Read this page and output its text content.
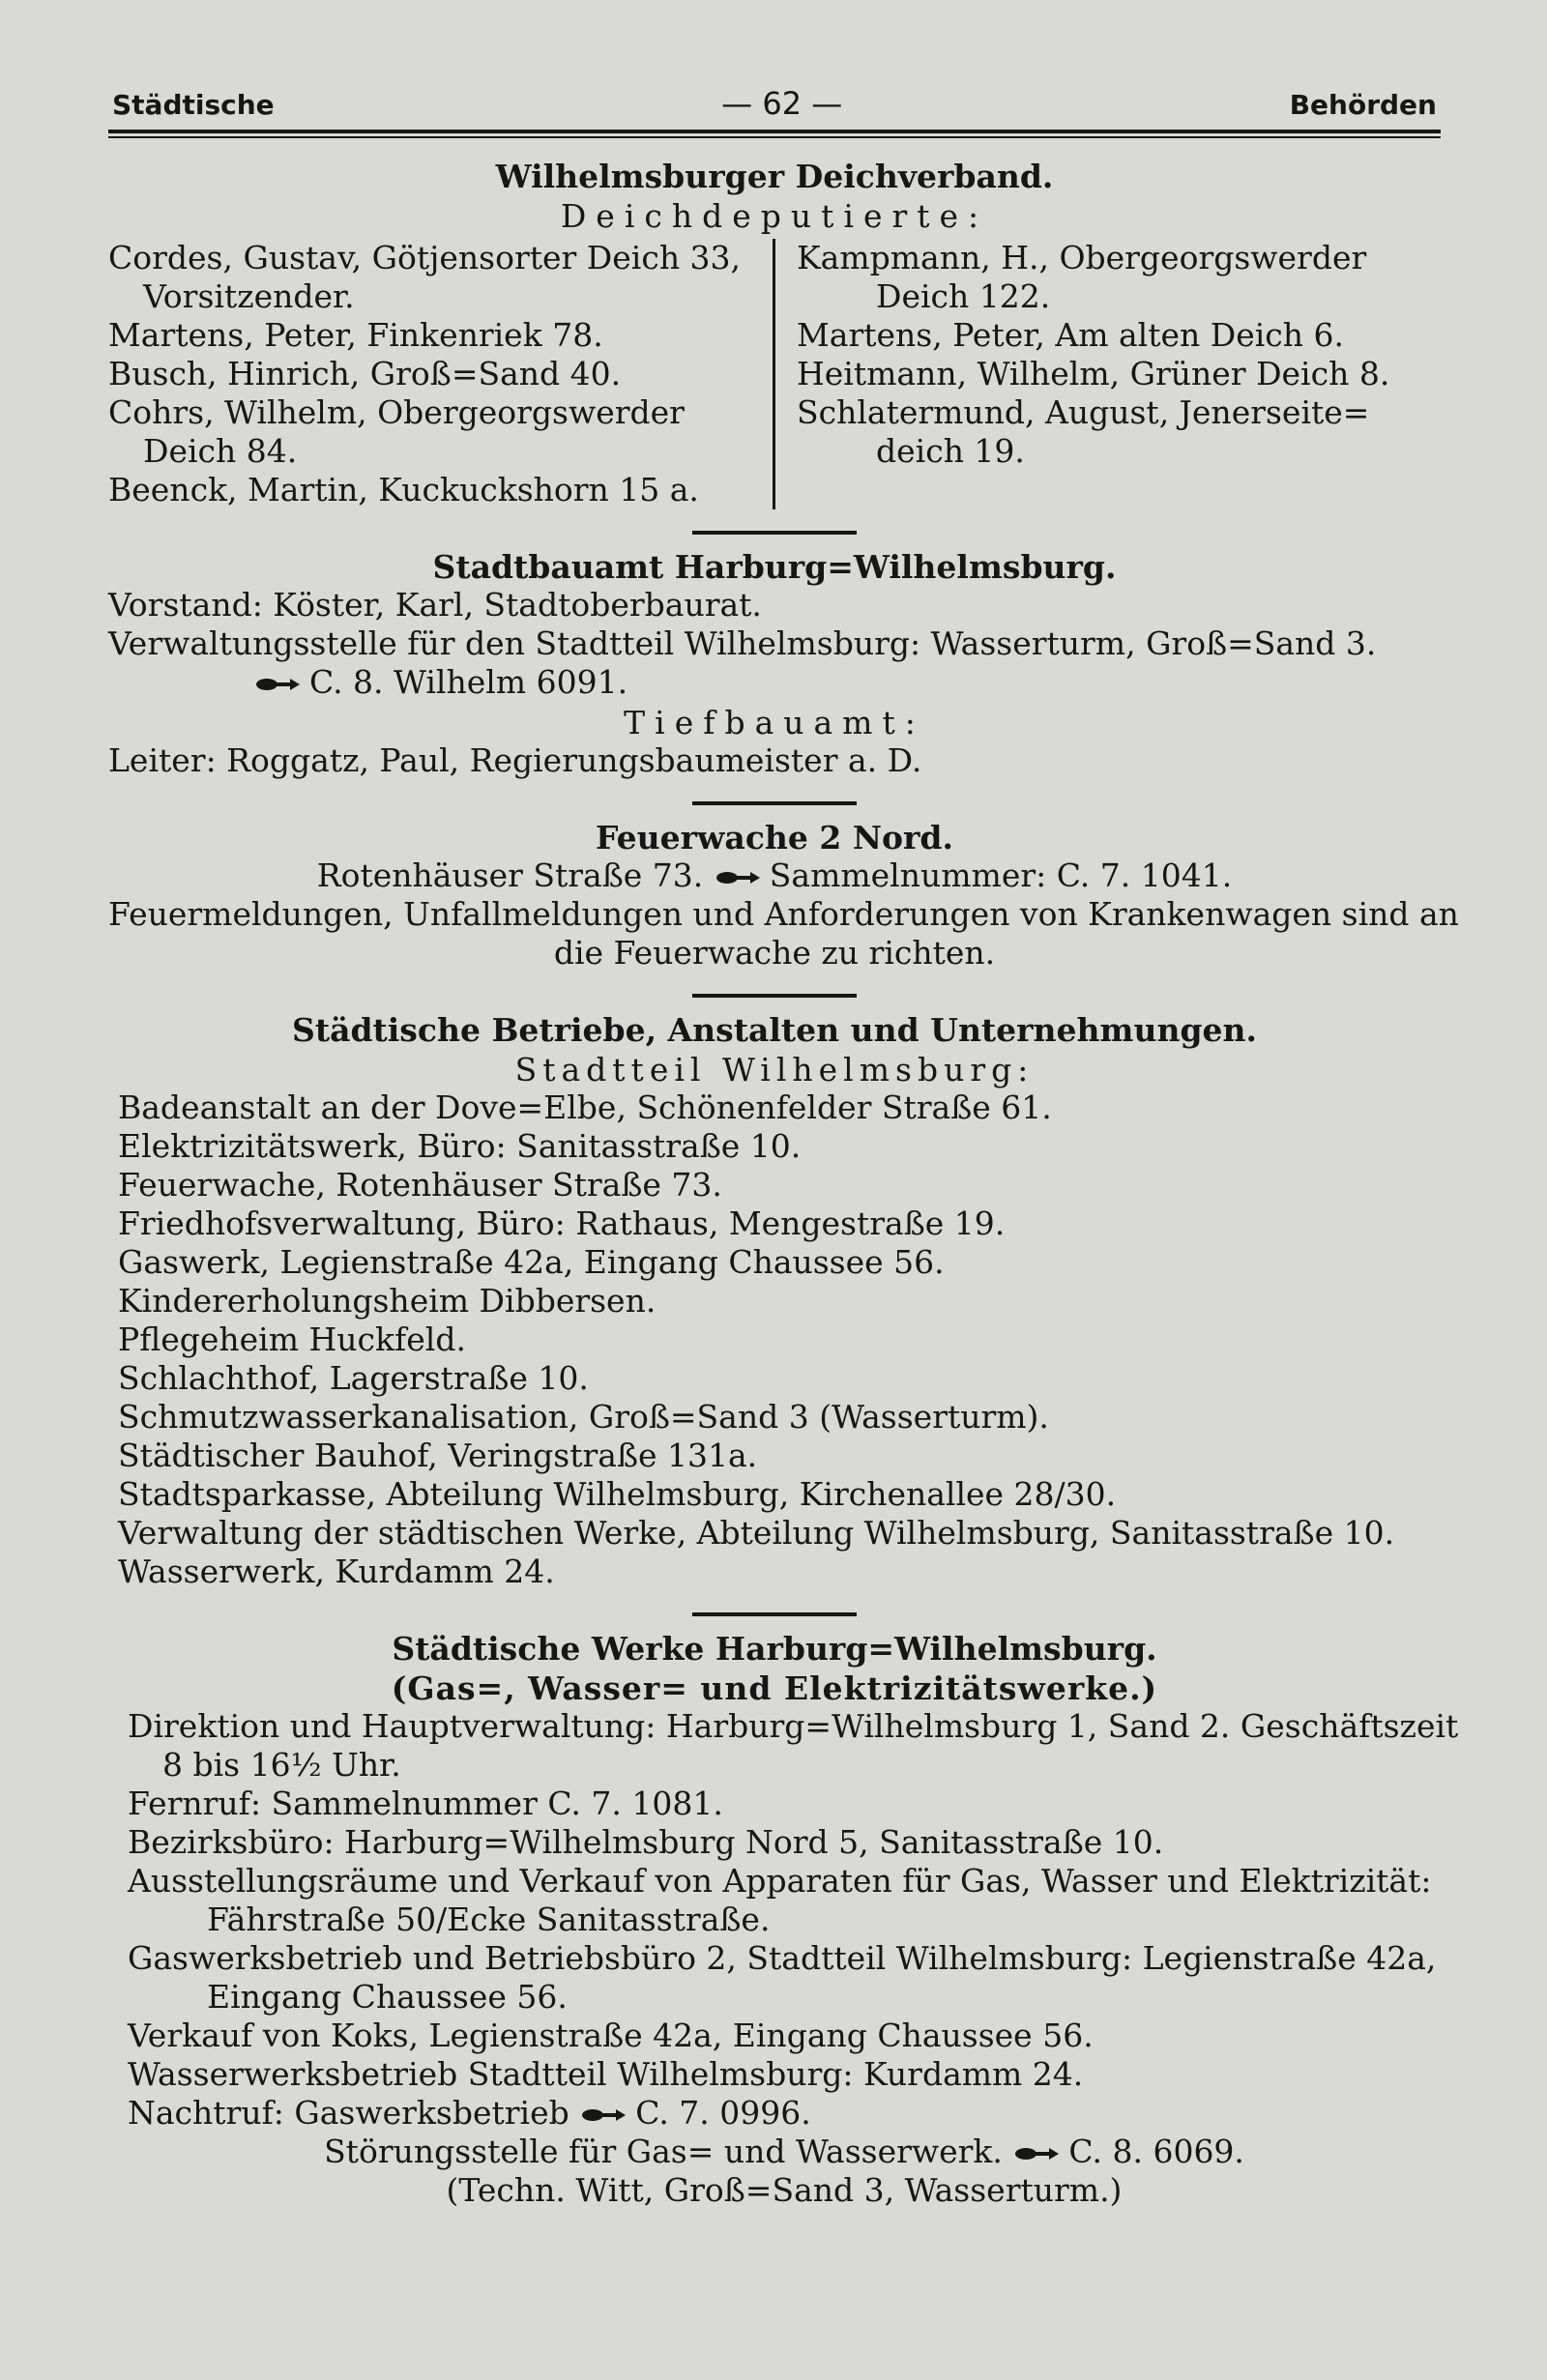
Städtische	— 62 —	Behörden
Wilhelmsburger Deichverband.
Deichdeputierte:
Cordes, Gustav, Götjensorter Deich 33,
Vorsitzender.
Martens, Peter, Finkenriek 78.
Busch, Hinrich, Groß=Sand 40.
Cohrs, Wilhelm, Obergeorgswerder
Deich 84.
Beenck, Martin, Kuckuckshorn 15 a.
Kampmann, H., Obergeorgswerder
Deich 122.
Martens, Peter, Am alten Deich 6.
Heitmann, Wilhelm, Grüner Deich 8.
Schlatermund, August, Jenerseite=
deich 19.
Stadtbauamt Harburg=Wilhelmsburg.
Vorstand: Köster, Karl, Stadtoberbaurat.
Verwaltungsstelle für den Stadtteil Wilhelmsburg: Wasserturm, Groß=Sand 3.
C. 8. Wilhelm 6091.
Tiefbauamt:
Leiter: Roggatz, Paul, Regierungsbaumeister a. D.
Feuerwache 2 Nord.
Rotenhäuser Straße 73. Sammelnummer: C. 7. 1041.
Feuermeldungen, Unfallmeldungen und Anforderungen von Krankenwagen sind an
die Feuerwache zu richten.
Städtische Betriebe, Anstalten und Unternehmungen.
Stadtteil Wilhelmsburg:
Badeanstalt an der Dove=Elbe, Schönenfelder Straße 61.
Elektrizitätswerk, Büro: Sanitasstraße 10.
Feuerwache, Rotenhäuser Straße 73.
Friedhofsverwaltung, Büro: Rathaus, Mengestraße 19.
Gaswerk, Legienstraße 42a, Eingang Chaussee 56.
Kindererholungsheim Dibbersen.
Pflegeheim Huckfeld.
Schlachthof, Lagerstraße 10.
Schmutzwasserkanalisation, Groß=Sand 3 (Wasserturm).
Städtischer Bauhof, Veringstraße 131a.
Stadtsparkasse, Abteilung Wilhelmsburg, Kirchenallee 28/30.
Verwaltung der städtischen Werke, Abteilung Wilhelmsburg, Sanitasstraße 10.
Wasserwerk, Kurdamm 24.
Städtische Werke Harburg=Wilhelmsburg.
(Gas=, Wasser= und Elektrizitätswerke.)
Direktion und Hauptverwaltung: Harburg=Wilhelmsburg 1, Sand 2. Geschäftszeit
8 bis 16½ Uhr.
Fernruf: Sammelnummer C. 7. 1081.
Bezirksbüro: Harburg=Wilhelmsburg Nord 5, Sanitasstraße 10.
Ausstellungsräume und Verkauf von Apparaten für Gas, Wasser und Elektrizität:
Fährstraße 50/Ecke Sanitasstraße.
Gaswerksbetrieb und Betriebsbüro 2, Stadtteil Wilhelmsburg: Legienstraße 42a,
Eingang Chaussee 56.
Verkauf von Koks, Legienstraße 42a, Eingang Chaussee 56.
Wasserwerksbetrieb Stadtteil Wilhelmsburg: Kurdamm 24.
Nachtruf: Gaswerksbetrieb C. 7. 0996.
Störungsstelle für Gas= und Wasserwerk. C. 8. 6069.
(Techn. Witt, Groß=Sand 3, Wasserturm.)
